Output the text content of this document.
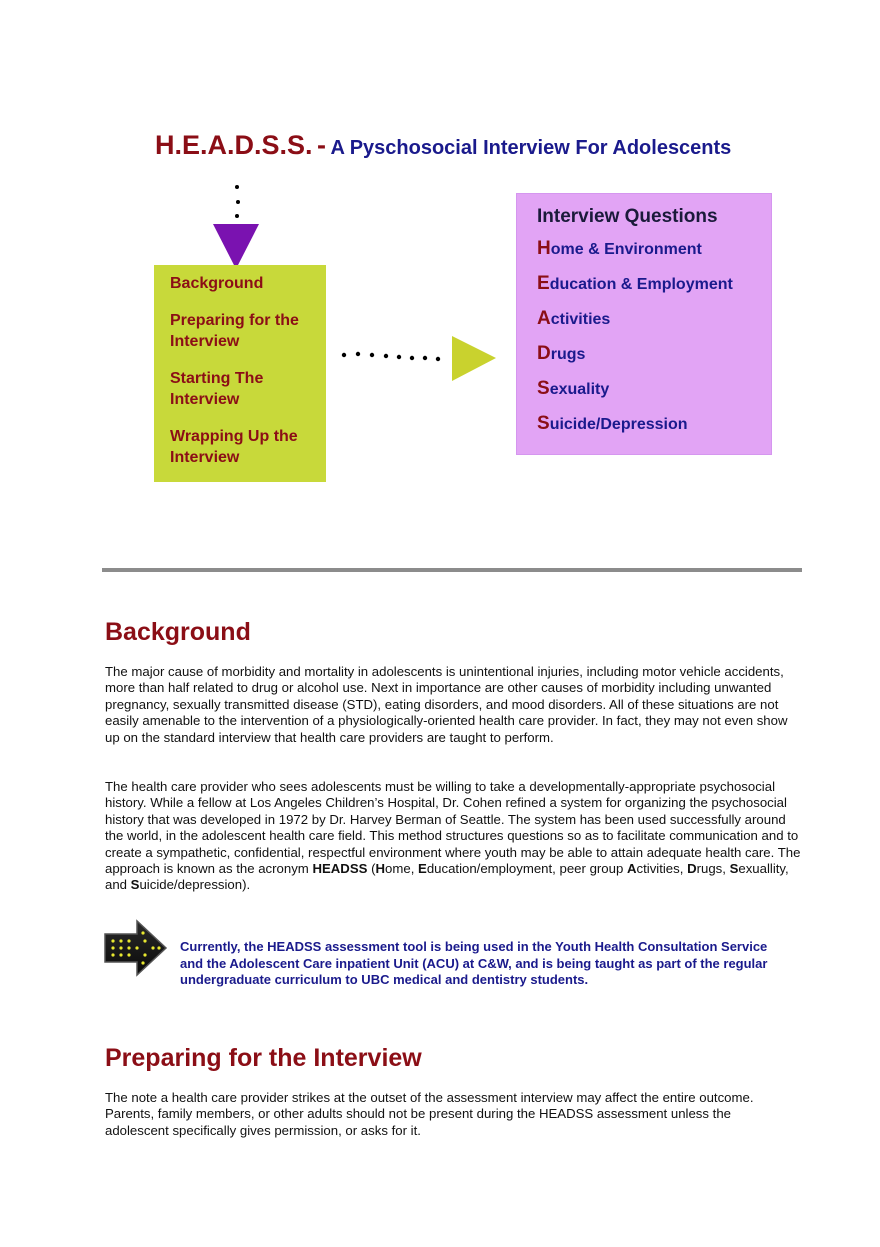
H.E.A.D.S.S. - A Pyschosocial Interview For Adolescents
Background
Preparing for the Interview
Starting The Interview
Wrapping Up the Interview
Interview Questions
Home & Environment
Education & Employment
Activities
Drugs
Sexuality
Suicide/Depression
Background

The major cause of morbidity and mortality in adolescents is unintentional injuries, including motor vehicle accidents, more than half related to drug or alcohol use. Next in importance are other causes of morbidity including unwanted pregnancy, sexually transmitted disease (STD), eating disorders, and mood disorders. All of these situations are not easily amenable to the intervention of a physiologically-oriented health care provider. In fact, they may not even show up on the standard interview that health care providers are taught to perform.

The health care provider who sees adolescents must be willing to take a developmentally-appropriate psychosocial history. While a fellow at Los Angeles Children’s Hospital, Dr. Cohen refined a system for organizing the psychosocial history that was developed in 1972 by Dr. Harvey Berman of Seattle. The system has been used successfully around the world, in the adolescent health care field. This method structures questions so as to facilitate communication and to create a sympathetic, confidential, respectful environment where youth may be able to attain adequate health care. The approach is known as the acronym HEADSS (Home, Education/employment, peer group Activities, Drugs, Sexuallity, and Suicide/depression).

Currently, the HEADSS assessment tool is being used in the Youth Health Consultation Service and the Adolescent Care inpatient Unit (ACU) at C&W, and is being taught as part of the regular undergraduate curriculum to UBC medical and dentistry students.

Preparing for the Interview

The note a health care provider strikes at the outset of the assessment interview may affect the entire outcome. Parents, family members, or other adults should not be present during the HEADSS assessment unless the adolescent specifically gives permission, or asks for it.
